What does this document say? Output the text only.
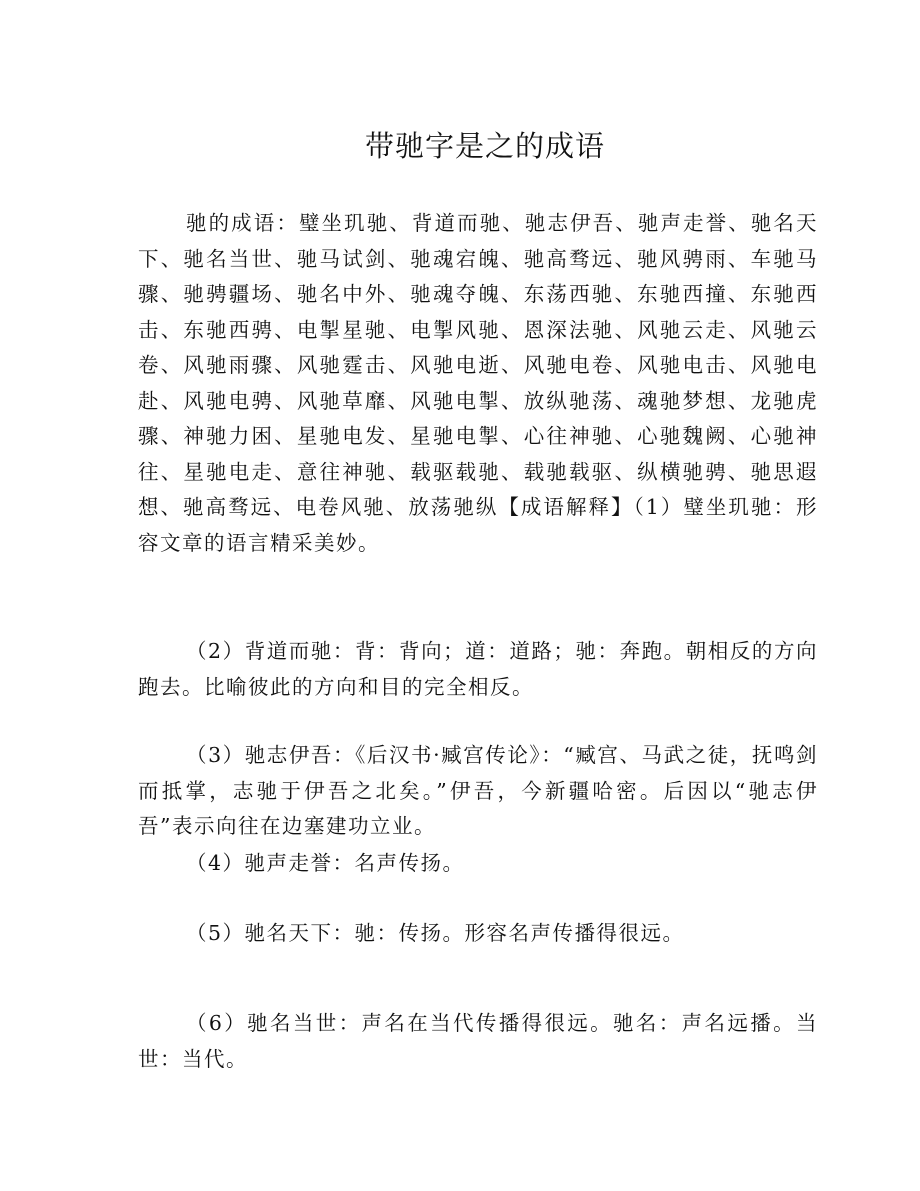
带驰字是之的成语

驰的成语：璧坐玑驰、背道而驰、驰志伊吾、驰声走誉、驰名天下、驰名当世、驰马试剑、驰魂宕魄、驰高骛远、驰风骋雨、车驰马骤、驰骋疆场、驰名中外、驰魂夺魄、东荡西驰、东驰西撞、东驰西击、东驰西骋、电掣星驰、电掣风驰、恩深法驰、风驰云走、风驰云卷、风驰雨骤、风驰霆击、风驰电逝、风驰电卷、风驰电击、风驰电赴、风驰电骋、风驰草靡、风驰电掣、放纵驰荡、魂驰梦想、龙驰虎骤、神驰力困、星驰电发、星驰电掣、心往神驰、心驰魏阙、心驰神往、星驰电走、意往神驰、载驱载驰、载驰载驱、纵横驰骋、驰思遐想、驰高骛远、电卷风驰、放荡驰纵【成语解释】（1）璧坐玑驰：形容文章的语言精采美妙。

（2）背道而驰：背：背向；道：道路；驰：奔跑。朝相反的方向跑去。比喻彼此的方向和目的完全相反。

（3）驰志伊吾：《后汉书·臧宫传论》：“臧宫、马武之徒，抚鸣剑而抵掌，志驰于伊吾之北矣。”伊吾，今新疆哈密。后因以“驰志伊吾”表示向往在边塞建功立业。

（4）驰声走誉：名声传扬。

（5）驰名天下：驰：传扬。形容名声传播得很远。

（6）驰名当世：声名在当代传播得很远。驰名：声名远播。当世：当代。
